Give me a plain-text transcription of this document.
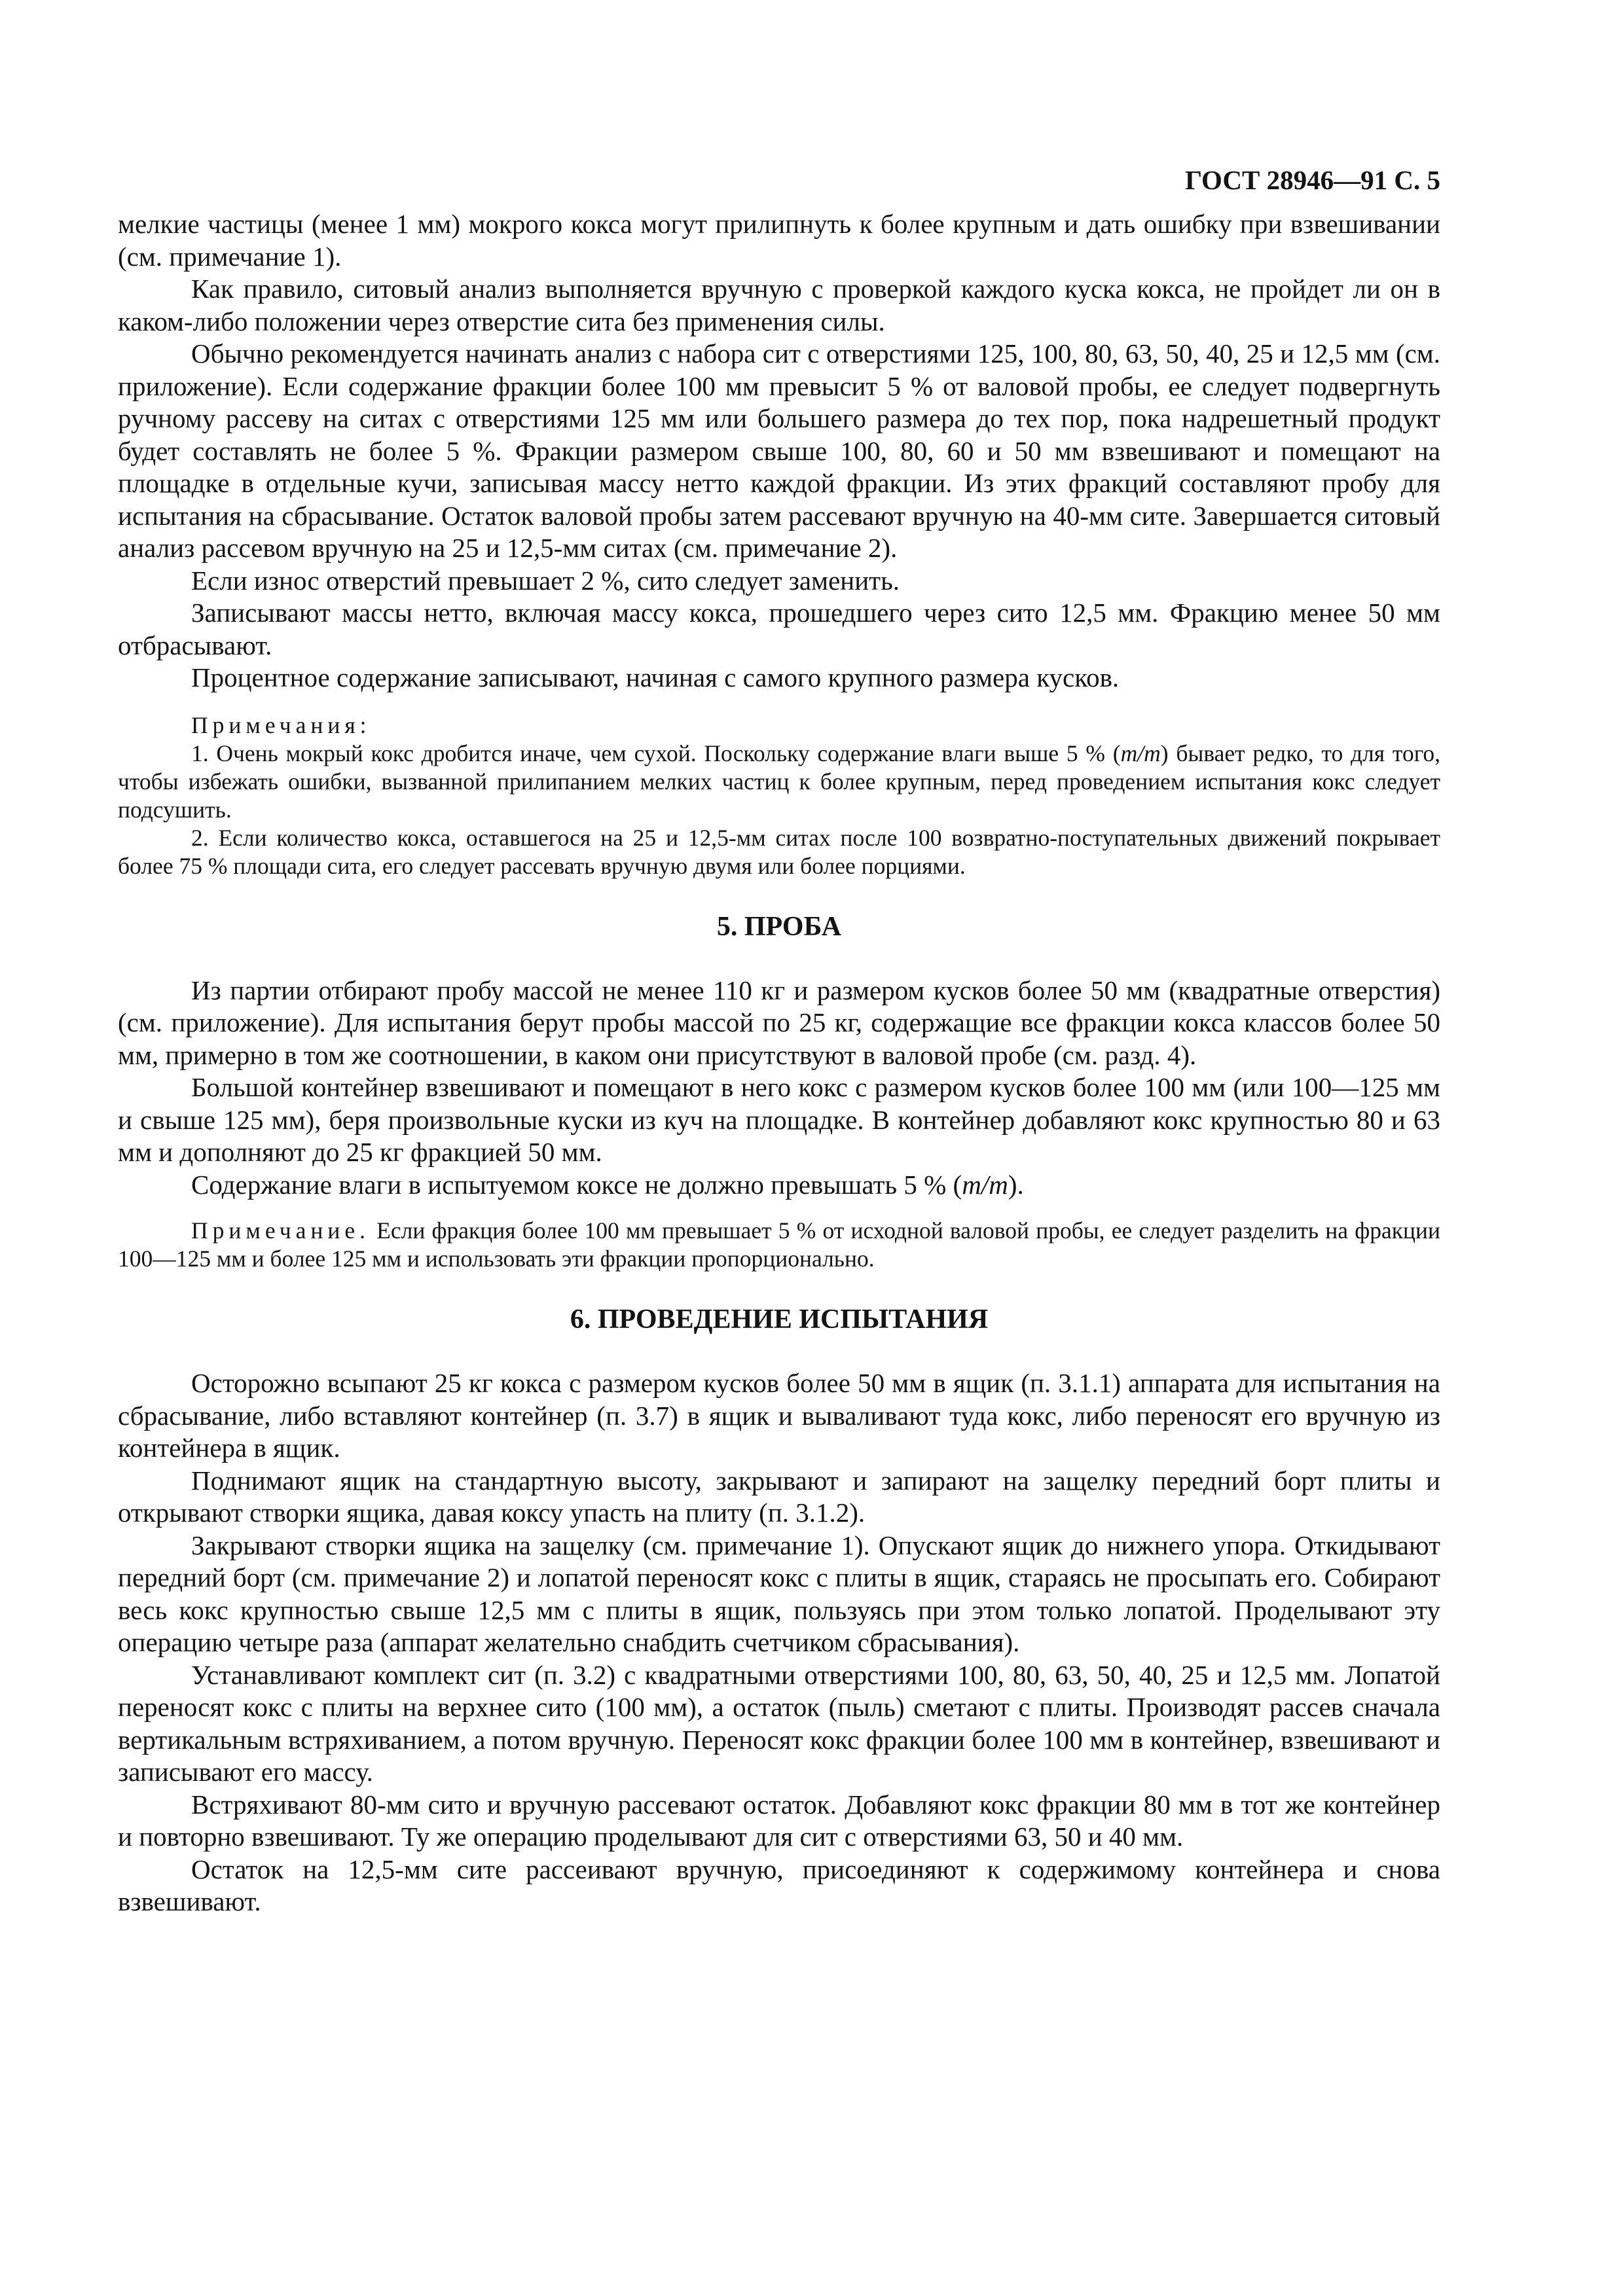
ГОСТ 28946—91 С. 5

мелкие частицы (менее 1 мм) мокрого кокса могут прилипнуть к более крупным и дать ошибку при взвешивании (см. примечание 1).

Как правило, ситовый анализ выполняется вручную с проверкой каждого куска кокса, не пройдет ли он в каком-либо положении через отверстие сита без применения силы.

Обычно рекомендуется начинать анализ с набора сит с отверстиями 125, 100, 80, 63, 50, 40, 25 и 12,5 мм (см. приложение). Если содержание фракции более 100 мм превысит 5 % от валовой пробы, ее следует подвергнуть ручному рассеву на ситах с отверстиями 125 мм или большего размера до тех пор, пока надрешетный продукт будет составлять не более 5 %. Фракции размером свыше 100, 80, 60 и 50 мм взвешивают и помещают на площадке в отдельные кучи, записывая массу нетто каждой фракции. Из этих фракций составляют пробу для испытания на сбрасывание. Остаток валовой пробы затем рассевают вручную на 40-мм сите. Завершается ситовый анализ рассевом вручную на 25 и 12,5-мм ситах (см. примечание 2).

Если износ отверстий превышает 2 %, сито следует заменить.

Записывают массы нетто, включая массу кокса, прошедшего через сито 12,5 мм. Фракцию менее 50 мм отбрасывают.

Процентное содержание записывают, начиная с самого крупного размера кусков.

Примечания:

1. Очень мокрый кокс дробится иначе, чем сухой. Поскольку содержание влаги выше 5 % (m/m) бывает редко, то для того, чтобы избежать ошибки, вызванной прилипанием мелких частиц к более крупным, перед проведением испытания кокс следует подсушить.

2. Если количество кокса, оставшегося на 25 и 12,5-мм ситах после 100 возвратно-поступательных движений покрывает более 75 % площади сита, его следует рассевать вручную двумя или более порциями.

5. ПРОБА

Из партии отбирают пробу массой не менее 110 кг и размером кусков более 50 мм (квадратные отверстия) (см. приложение). Для испытания берут пробы массой по 25 кг, содержащие все фракции кокса классов более 50 мм, примерно в том же соотношении, в каком они присутствуют в валовой пробе (см. разд. 4).

Большой контейнер взвешивают и помещают в него кокс с размером кусков более 100 мм (или 100—125 мм и свыше 125 мм), беря произвольные куски из куч на площадке. В контейнер добавляют кокс крупностью 80 и 63 мм и дополняют до 25 кг фракцией 50 мм.

Содержание влаги в испытуемом коксе не должно превышать 5 % (m/m).

Примечание. Если фракция более 100 мм превышает 5 % от исходной валовой пробы, ее следует разделить на фракции 100—125 мм и более 125 мм и использовать эти фракции пропорционально.

6. ПРОВЕДЕНИЕ ИСПЫТАНИЯ

Осторожно всыпают 25 кг кокса с размером кусков более 50 мм в ящик (п. 3.1.1) аппарата для испытания на сбрасывание, либо вставляют контейнер (п. 3.7) в ящик и вываливают туда кокс, либо переносят его вручную из контейнера в ящик.

Поднимают ящик на стандартную высоту, закрывают и запирают на защелку передний борт плиты и открывают створки ящика, давая коксу упасть на плиту (п. 3.1.2).

Закрывают створки ящика на защелку (см. примечание 1). Опускают ящик до нижнего упора. Откидывают передний борт (см. примечание 2) и лопатой переносят кокс с плиты в ящик, стараясь не просыпать его. Собирают весь кокс крупностью свыше 12,5 мм с плиты в ящик, пользуясь при этом только лопатой. Проделывают эту операцию четыре раза (аппарат желательно снабдить счетчиком сбрасывания).

Устанавливают комплект сит (п. 3.2) с квадратными отверстиями 100, 80, 63, 50, 40, 25 и 12,5 мм. Лопатой переносят кокс с плиты на верхнее сито (100 мм), а остаток (пыль) сметают с плиты. Производят рассев сначала вертикальным встряхиванием, а потом вручную. Переносят кокс фракции более 100 мм в контейнер, взвешивают и записывают его массу.

Встряхивают 80-мм сито и вручную рассевают остаток. Добавляют кокс фракции 80 мм в тот же контейнер и повторно взвешивают. Ту же операцию проделывают для сит с отверстиями 63, 50 и 40 мм.

Остаток на 12,5-мм сите рассеивают вручную, присоединяют к содержимому контейнера и снова взвешивают.
